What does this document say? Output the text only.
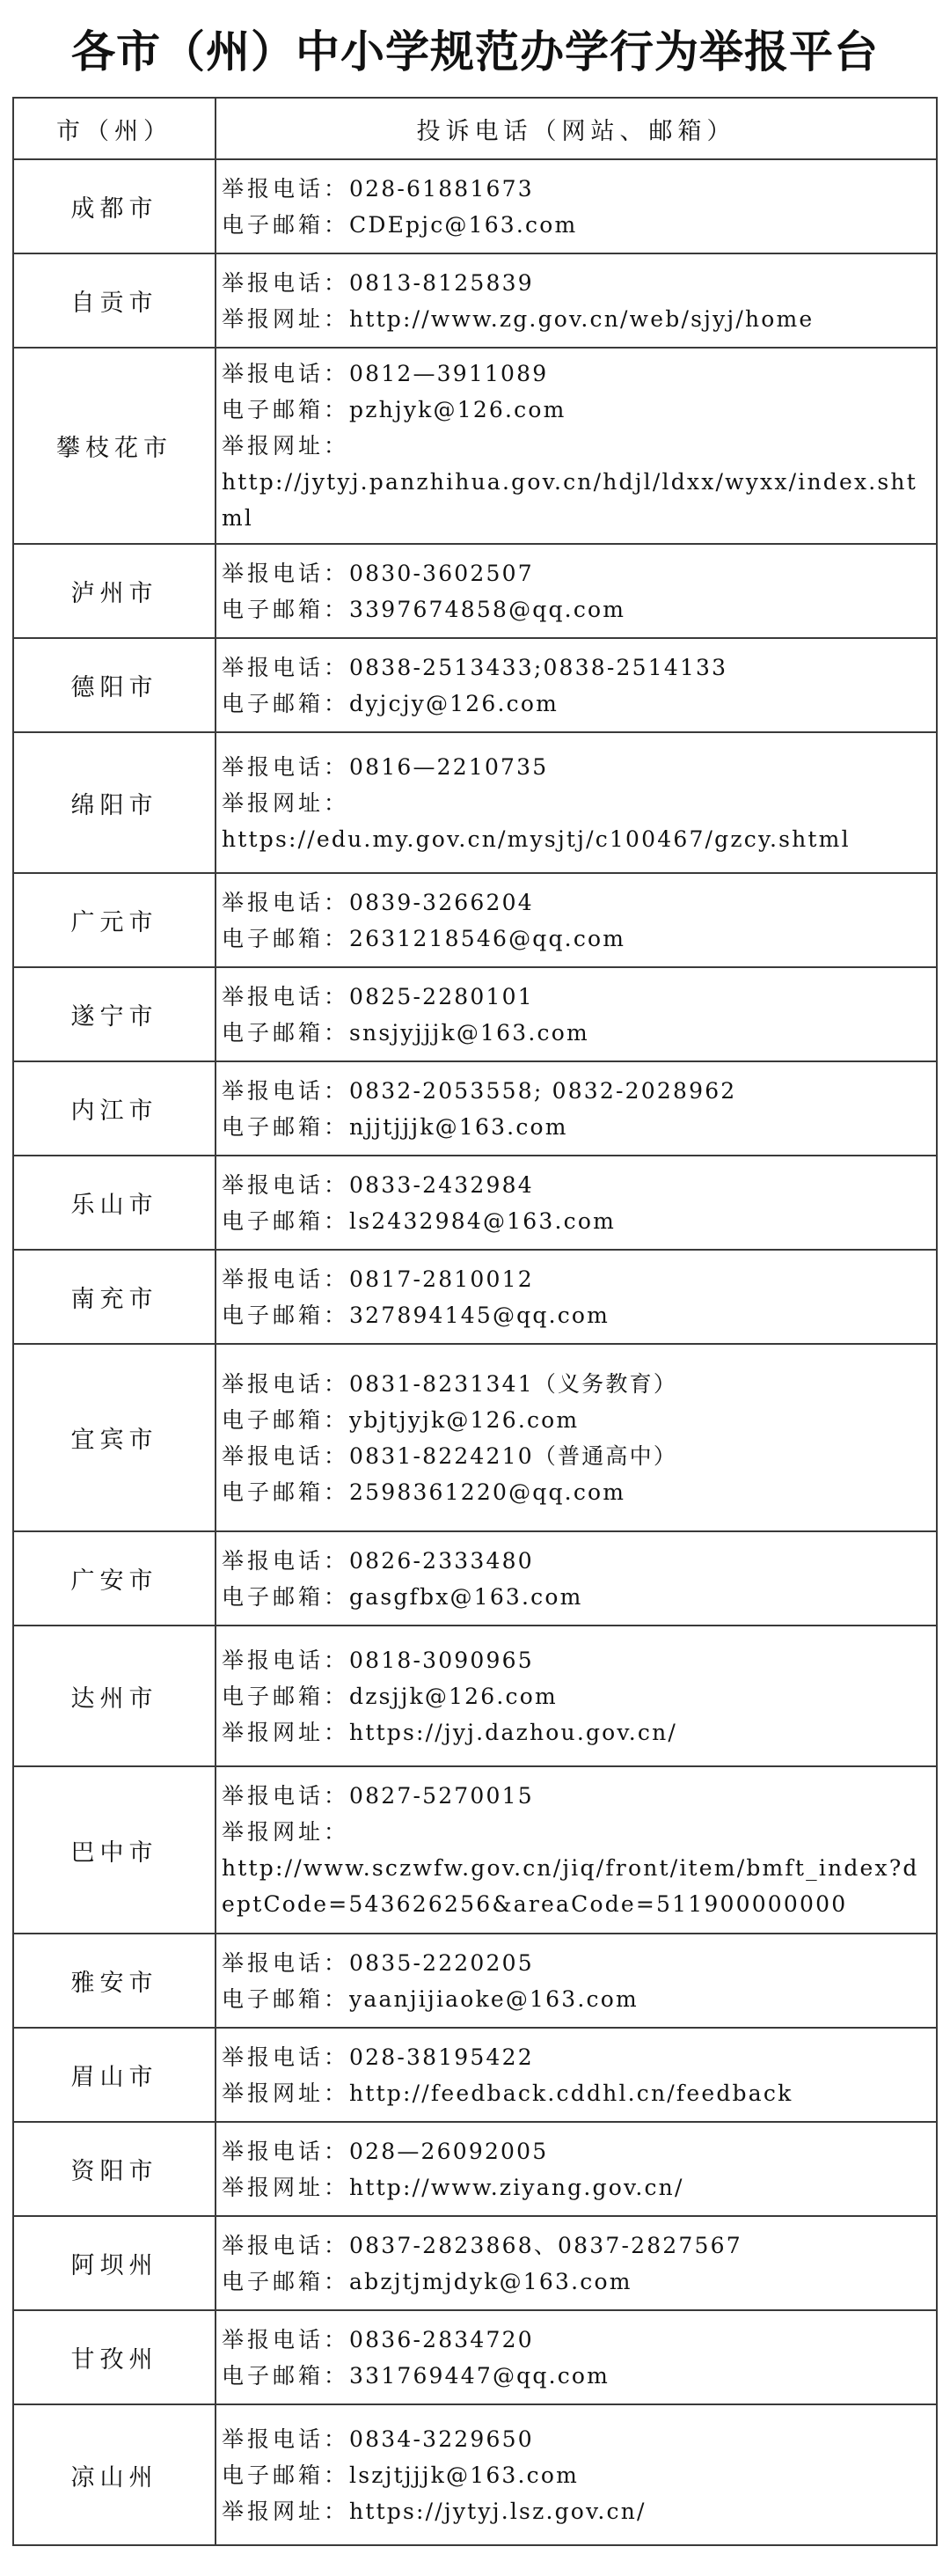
各市（州）中小学规范办学行为举报平台
市（州）	投诉电话（网站、邮箱）
成都市	举报电话：028-61881673
电子邮箱：CDEpjc@163.com

自贡市	举报电话：0813-8125839
举报网址：http://www.zg.gov.cn/web/sjyj/home

攀枝花市	举报电话：0812—3911089
电子邮箱：pzhjyk@126.com
举报网址：
http://jytyj.panzhihua.gov.cn/hdjl/ldxx/wyxx/index.shtml

泸州市	举报电话：0830-3602507
电子邮箱：3397674858@qq.com

德阳市	举报电话：0838-2513433;0838-2514133
电子邮箱：dyjcjy@126.com

绵阳市	举报电话：0816—2210735
举报网址：
https://edu.my.gov.cn/mysjtj/c100467/gzcy.shtml

广元市	举报电话：0839-3266204
电子邮箱：2631218546@qq.com

遂宁市	举报电话：0825-2280101
电子邮箱：snsjyjjjk@163.com

内江市	举报电话：0832-2053558; 0832-2028962
电子邮箱：njjtjjjk@163.com

乐山市	举报电话：0833-2432984
电子邮箱：ls2432984@163.com

南充市	举报电话：0817-2810012
电子邮箱：327894145@qq.com

宜宾市	举报电话：0831-8231341（义务教育）
电子邮箱：ybjtjyjk@126.com
举报电话：0831-8224210（普通高中）
电子邮箱：2598361220@qq.com

广安市	举报电话：0826-2333480
电子邮箱：gasgfbx@163.com

达州市	举报电话：0818-3090965
电子邮箱：dzsjjk@126.com
举报网址：https://jyj.dazhou.gov.cn/

巴中市	举报电话：0827-5270015
举报网址：
http://www.sczwfw.gov.cn/jiq/front/item/bmft_index?deptCode=543626256&areaCode=511900000000

雅安市	举报电话：0835-2220205
电子邮箱：yaanjijiaoke@163.com

眉山市	举报电话：028-38195422
举报网址：http://feedback.cddhl.cn/feedback

资阳市	举报电话：028—26092005
举报网址：http://www.ziyang.gov.cn/

阿坝州	举报电话：0837-2823868、0837-2827567
电子邮箱：abzjtjmjdyk@163.com

甘孜州	举报电话：0836-2834720
电子邮箱：331769447@qq.com

凉山州	举报电话：0834-3229650
电子邮箱：lszjtjjjk@163.com
举报网址：https://jytyj.lsz.gov.cn/
